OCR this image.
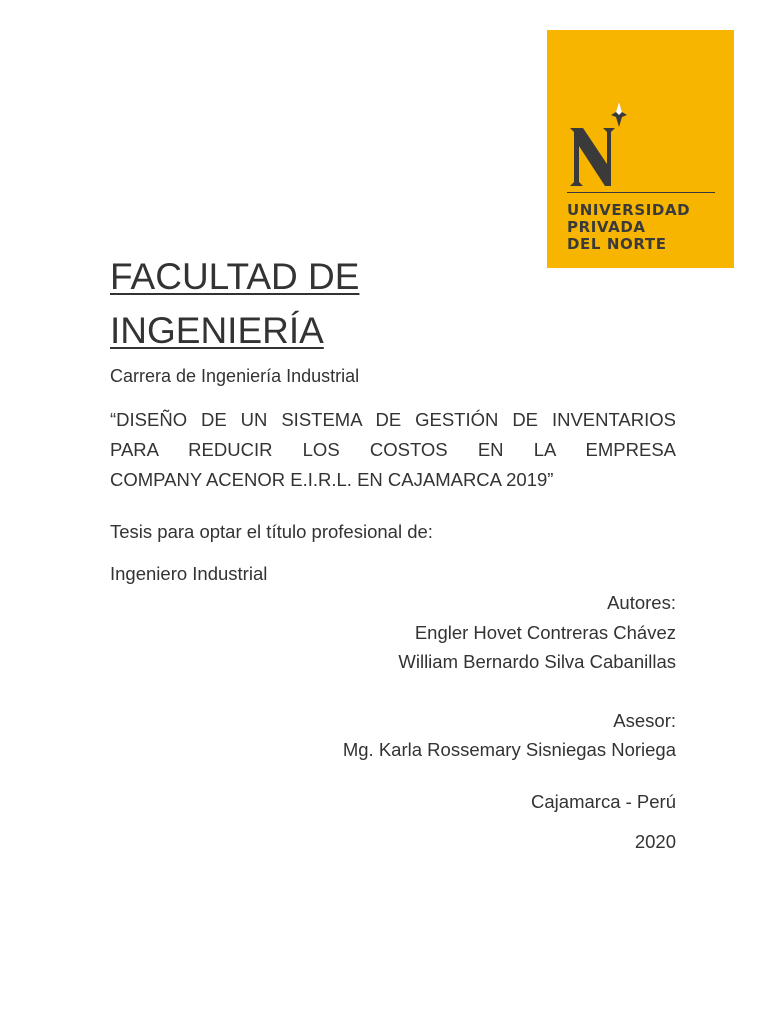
UNIVERSIDAD
PRIVADA
DEL NORTE
FACULTAD DE
INGENIERÍA
Carrera de Ingeniería Industrial
“DISEÑO DE UN SISTEMA DE GESTIÓN DE INVENTARIOS
PARA REDUCIR LOS COSTOS EN LA EMPRESA
COMPANY ACENOR E.I.R.L. EN CAJAMARCA 2019”
Tesis para optar el título profesional de:
Ingeniero Industrial
Autores:
Engler Hovet Contreras Chávez
William Bernardo Silva Cabanillas
Asesor:
Mg. Karla Rossemary Sisniegas Noriega
Cajamarca - Perú
2020
